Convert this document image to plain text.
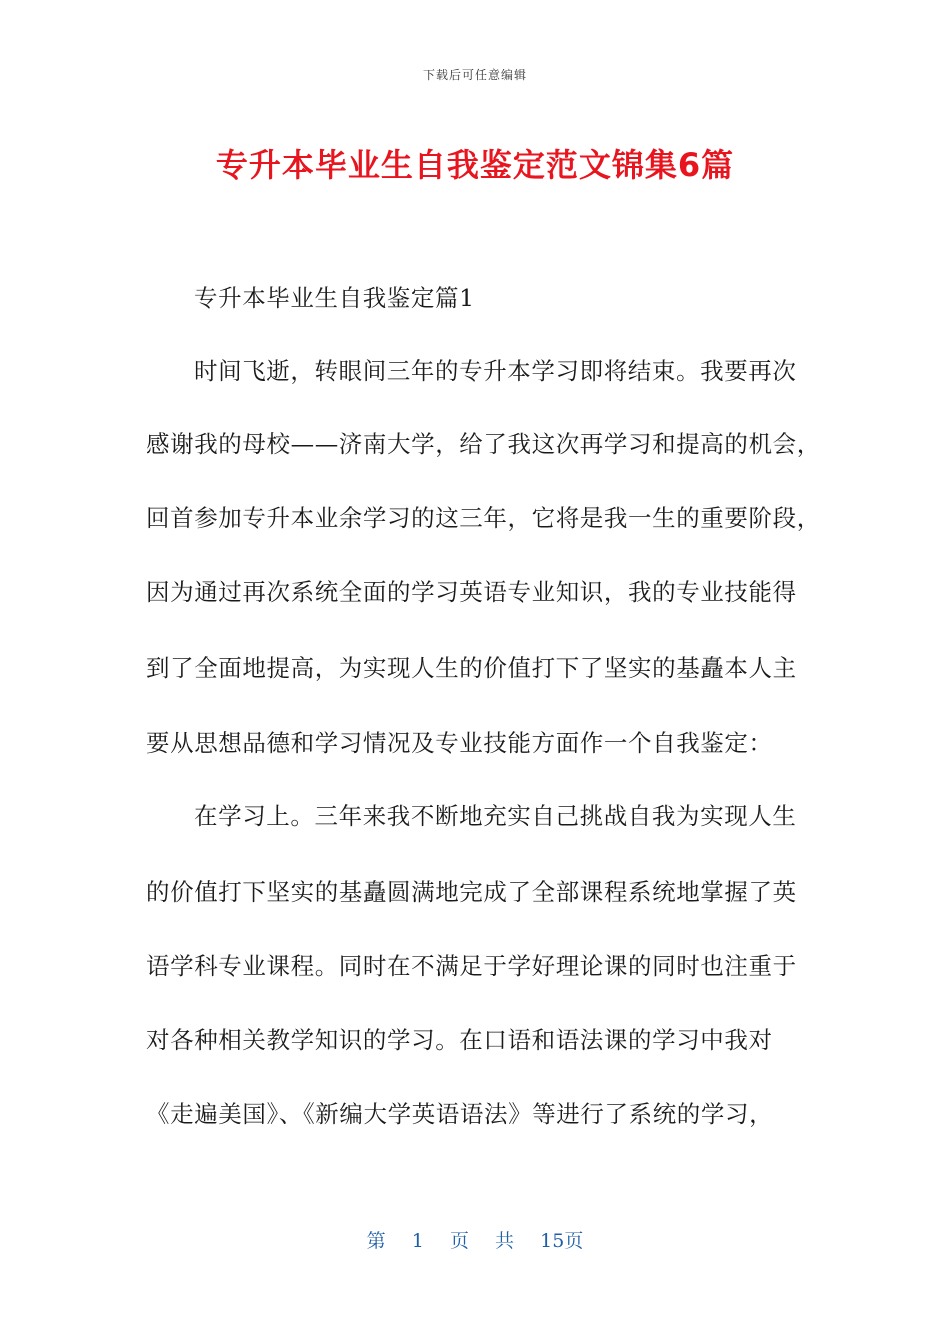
下载后可任意编辑
专升本毕业生自我鉴定范文锦集6篇
专升本毕业生自我鉴定篇1
时间飞逝，转眼间三年的专升本学习即将结束。我要再次
感谢我的母校——济南大学，给了我这次再学习和提高的机会，
回首参加专升本业余学习的这三年，它将是我一生的重要阶段，
因为通过再次系统全面的学习英语专业知识，我的专业技能得
到了全面地提高，为实现人生的价值打下了坚实的基矗本人主
要从思想品德和学习情况及专业技能方面作一个自我鉴定：
在学习上。三年来我不断地充实自己挑战自我为实现人生
的价值打下坚实的基矗圆满地完成了全部课程系统地掌握了英
语学科专业课程。同时在不满足于学好理论课的同时也注重于
对各种相关教学知识的学习。在口语和语法课的学习中我对
《走遍美国》、《新编大学英语语法》等进行了系统的学习，
第 1 页 共 15页
